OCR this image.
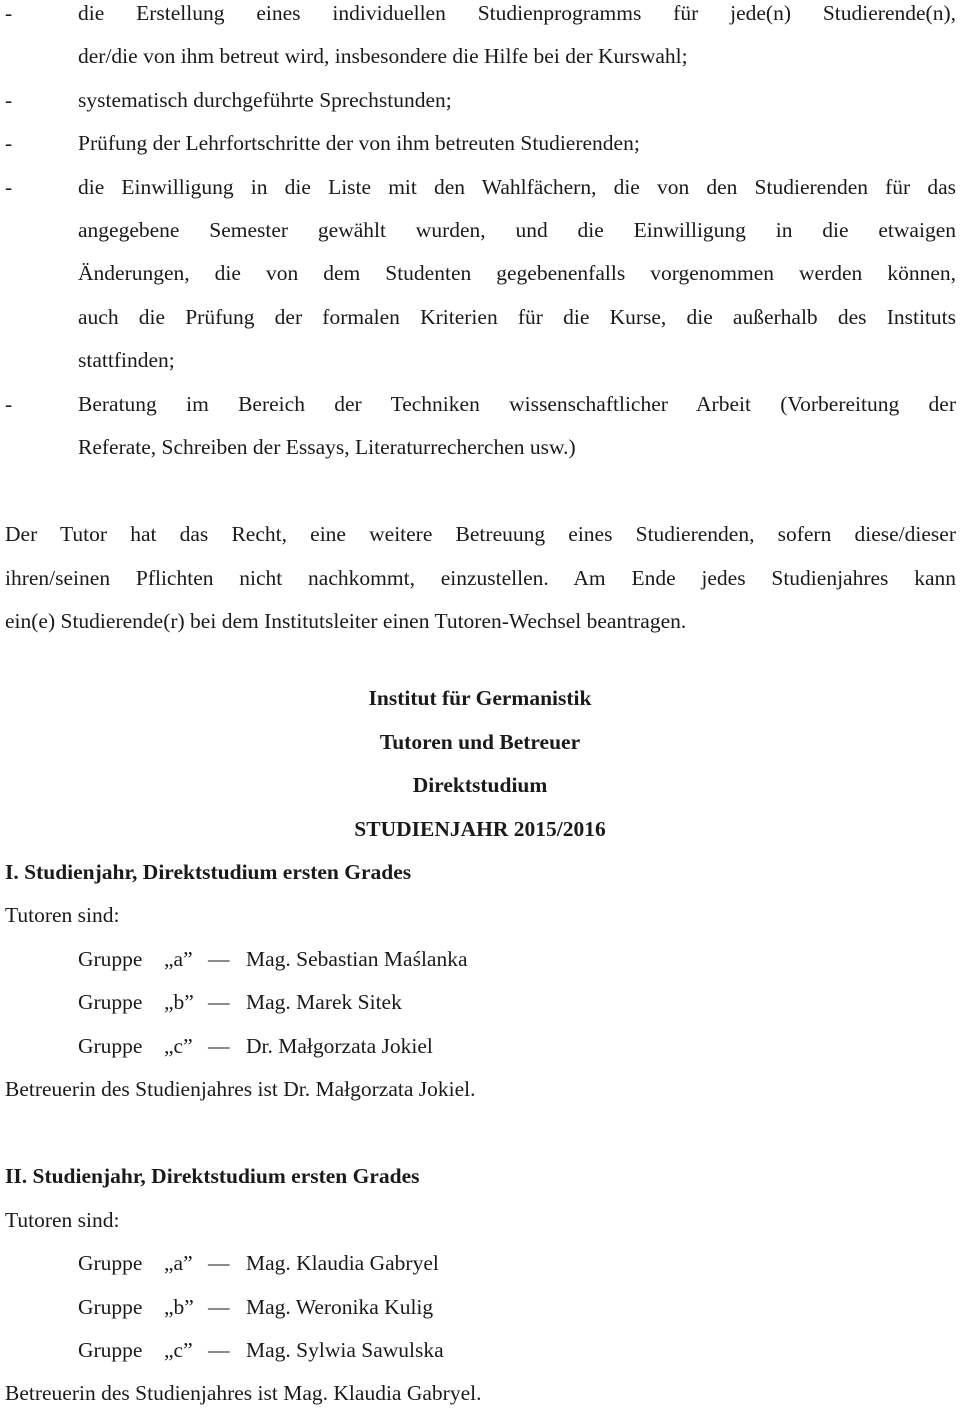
-	die Erstellung eines individuellen Studienprogramms für jede(n) Studierende(n),
der/die von ihm betreut wird, insbesondere die Hilfe bei der Kurswahl;
-	systematisch durchgeführte Sprechstunden;
-	Prüfung der Lehrfortschritte der von ihm betreuten Studierenden;
-	die Einwilligung in die Liste mit den Wahlfächern, die von den Studierenden für das
angegebene Semester gewählt wurden, und die Einwilligung in die etwaigen
Änderungen, die von dem Studenten gegebenenfalls vorgenommen werden können,
auch die Prüfung der formalen Kriterien für die Kurse, die außerhalb des Instituts
stattfinden;
-	Beratung im Bereich der Techniken wissenschaftlicher Arbeit (Vorbereitung der
Referate, Schreiben der Essays, Literaturrecherchen usw.)
Der Tutor hat das Recht, eine weitere Betreuung eines Studierenden, sofern diese/dieser
ihren/seinen Pflichten nicht nachkommt, einzustellen. Am Ende jedes Studienjahres kann
ein(e) Studierende(r) bei dem Institutsleiter einen Tutoren-Wechsel beantragen.
Institut für Germanistik
Tutoren und Betreuer
Direktstudium
STUDIENJAHR 2015/2016
I. Studienjahr, Direktstudium ersten Grades
Tutoren sind:
Gruppe „a” — Mag. Sebastian Maślanka
Gruppe „b” — Mag. Marek Sitek
Gruppe „c” — Dr. Małgorzata Jokiel
Betreuerin des Studienjahres ist Dr. Małgorzata Jokiel.
II. Studienjahr, Direktstudium ersten Grades
Tutoren sind:
Gruppe „a” — Mag. Klaudia Gabryel
Gruppe „b” — Mag. Weronika Kulig
Gruppe „c” — Mag. Sylwia Sawulska
Betreuerin des Studienjahres ist Mag. Klaudia Gabryel.
